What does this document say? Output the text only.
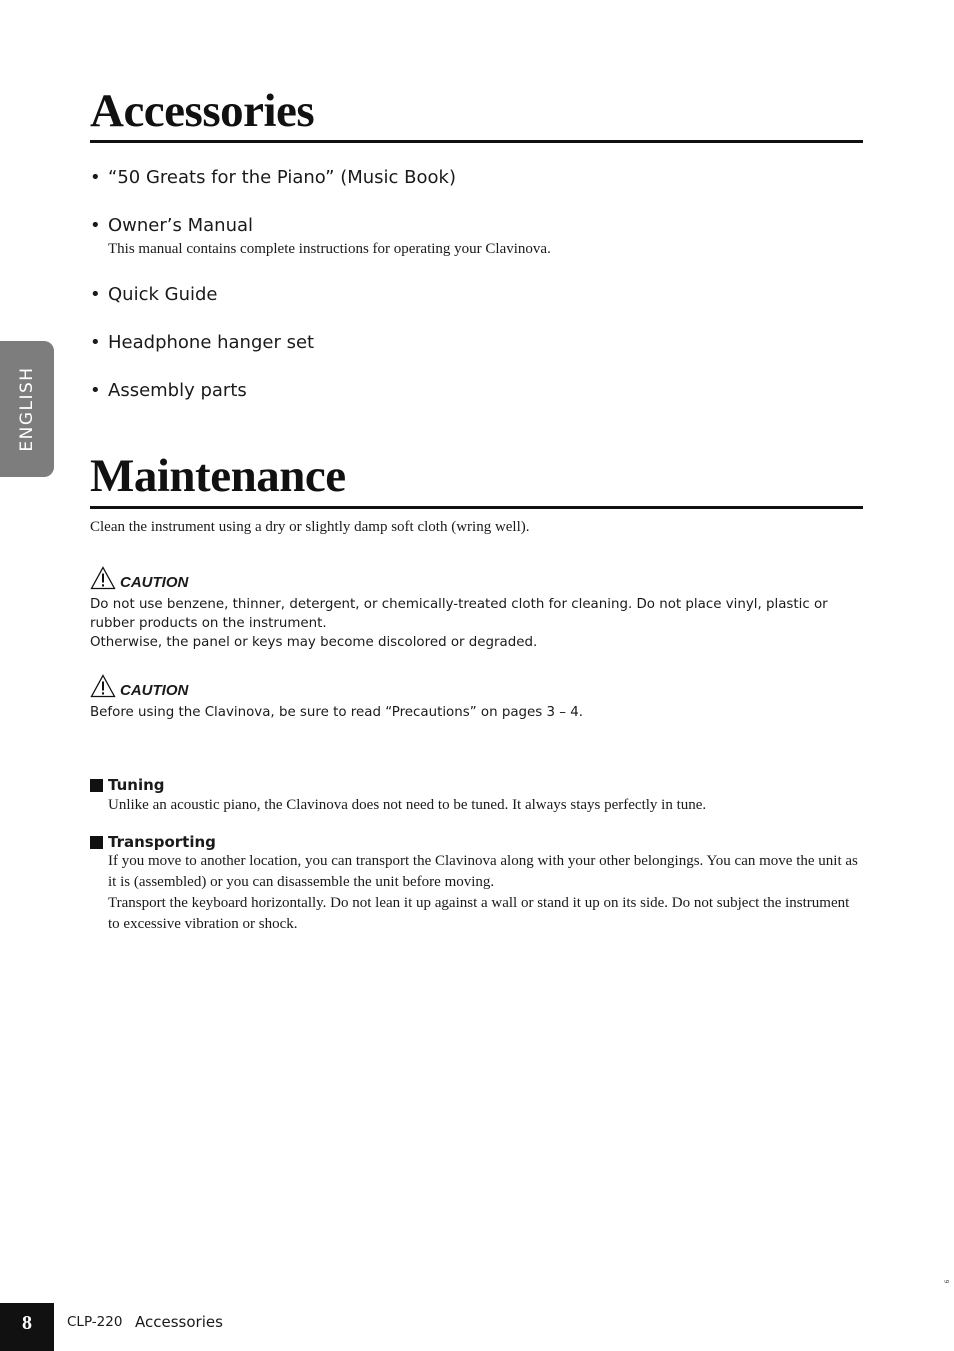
ENGLISH
Accessories
• “50 Greats for the Piano” (Music Book)
• Owner’s Manual
This manual contains complete instructions for operating your Clavinova.
• Quick Guide
• Headphone hanger set
• Assembly parts
Maintenance
Clean the instrument using a dry or slightly damp soft cloth (wring well).
CAUTION

Do not use benzene, thinner, detergent, or chemically-treated cloth for cleaning. Do not place vinyl, plastic or rubber products on the instrument.

Otherwise, the panel or keys may become discolored or degraded.

CAUTION

Before using the Clavinova, be sure to read “Precautions” on pages 3 – 4.

Tuning

Unlike an acoustic piano, the Clavinova does not need to be tuned. It always stays perfectly in tune.

Transporting

If you move to another location, you can transport the Clavinova along with your other belongings. You can move the unit as it is (assembled) or you can disassemble the unit before moving.

Transport the keyboard horizontally. Do not lean it up against a wall or stand it up on its side. Do not subject the instrument to excessive vibration or shock.

9
8	CLP-220 Accessories
